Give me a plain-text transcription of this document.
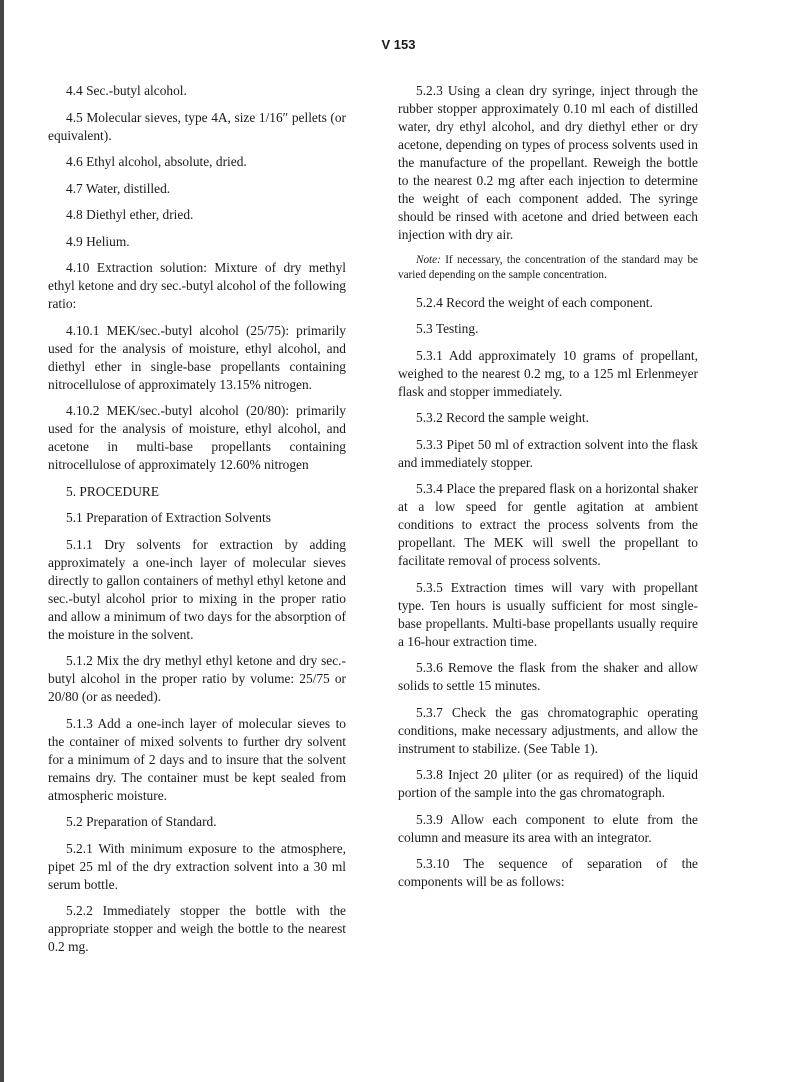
V 153

4.4 Sec.-butyl alcohol.

4.5 Molecular sieves, type 4A, size 1/16″ pellets (or equivalent).

4.6 Ethyl alcohol, absolute, dried.

4.7 Water, distilled.

4.8 Diethyl ether, dried.

4.9 Helium.

4.10 Extraction solution: Mixture of dry methyl ethyl ketone and dry sec.-butyl alcohol of the following ratio:

4.10.1 MEK/sec.-butyl alcohol (25/75): primarily used for the analysis of moisture, ethyl alcohol, and diethyl ether in single-base propellants containing nitrocellulose of approximately 13.15% nitrogen.

4.10.2 MEK/sec.-butyl alcohol (20/80): primarily used for the analysis of moisture, ethyl alcohol, and acetone in multi-base propellants containing nitrocellulose of approximately 12.60% nitrogen

5. PROCEDURE

5.1 Preparation of Extraction Solvents

5.1.1 Dry solvents for extraction by adding approximately a one-inch layer of molecular sieves directly to gallon containers of methyl ethyl ketone and sec.-butyl alcohol prior to mixing in the proper ratio and allow a minimum of two days for the absorption of the moisture in the solvent.

5.1.2 Mix the dry methyl ethyl ketone and dry sec.-butyl alcohol in the proper ratio by volume: 25/75 or 20/80 (or as needed).

5.1.3 Add a one-inch layer of molecular sieves to the container of mixed solvents to further dry solvent for a minimum of 2 days and to insure that the solvent remains dry. The container must be kept sealed from atmospheric moisture.

5.2 Preparation of Standard.

5.2.1 With minimum exposure to the atmosphere, pipet 25 ml of the dry extraction solvent into a 30 ml serum bottle.

5.2.2 Immediately stopper the bottle with the appropriate stopper and weigh the bottle to the nearest 0.2 mg.

5.2.3 Using a clean dry syringe, inject through the rubber stopper approximately 0.10 ml each of distilled water, dry ethyl alcohol, and dry diethyl ether or dry acetone, depending on types of process solvents used in the manufacture of the propellant. Reweigh the bottle to the nearest 0.2 mg after each injection to determine the weight of each component added. The syringe should be rinsed with acetone and dried between each injection with dry air.

Note: If necessary, the concentration of the standard may be varied depending on the sample concentration.

5.2.4 Record the weight of each component.

5.3 Testing.

5.3.1 Add approximately 10 grams of propellant, weighed to the nearest 0.2 mg, to a 125 ml Erlenmeyer flask and stopper immediately.

5.3.2 Record the sample weight.

5.3.3 Pipet 50 ml of extraction solvent into the flask and immediately stopper.

5.3.4 Place the prepared flask on a horizontal shaker at a low speed for gentle agitation at ambient conditions to extract the process solvents from the propellant. The MEK will swell the propellant to facilitate removal of process solvents.

5.3.5 Extraction times will vary with propellant type. Ten hours is usually sufficient for most single-base propellants. Multi-base propellants usually require a 16-hour extraction time.

5.3.6 Remove the flask from the shaker and allow solids to settle 15 minutes.

5.3.7 Check the gas chromatographic operating conditions, make necessary adjustments, and allow the instrument to stabilize. (See Table 1).

5.3.8 Inject 20 μliter (or as required) of the liquid portion of the sample into the gas chromatograph.

5.3.9 Allow each component to elute from the column and measure its area with an integrator.

5.3.10 The sequence of separation of the components will be as follows:
